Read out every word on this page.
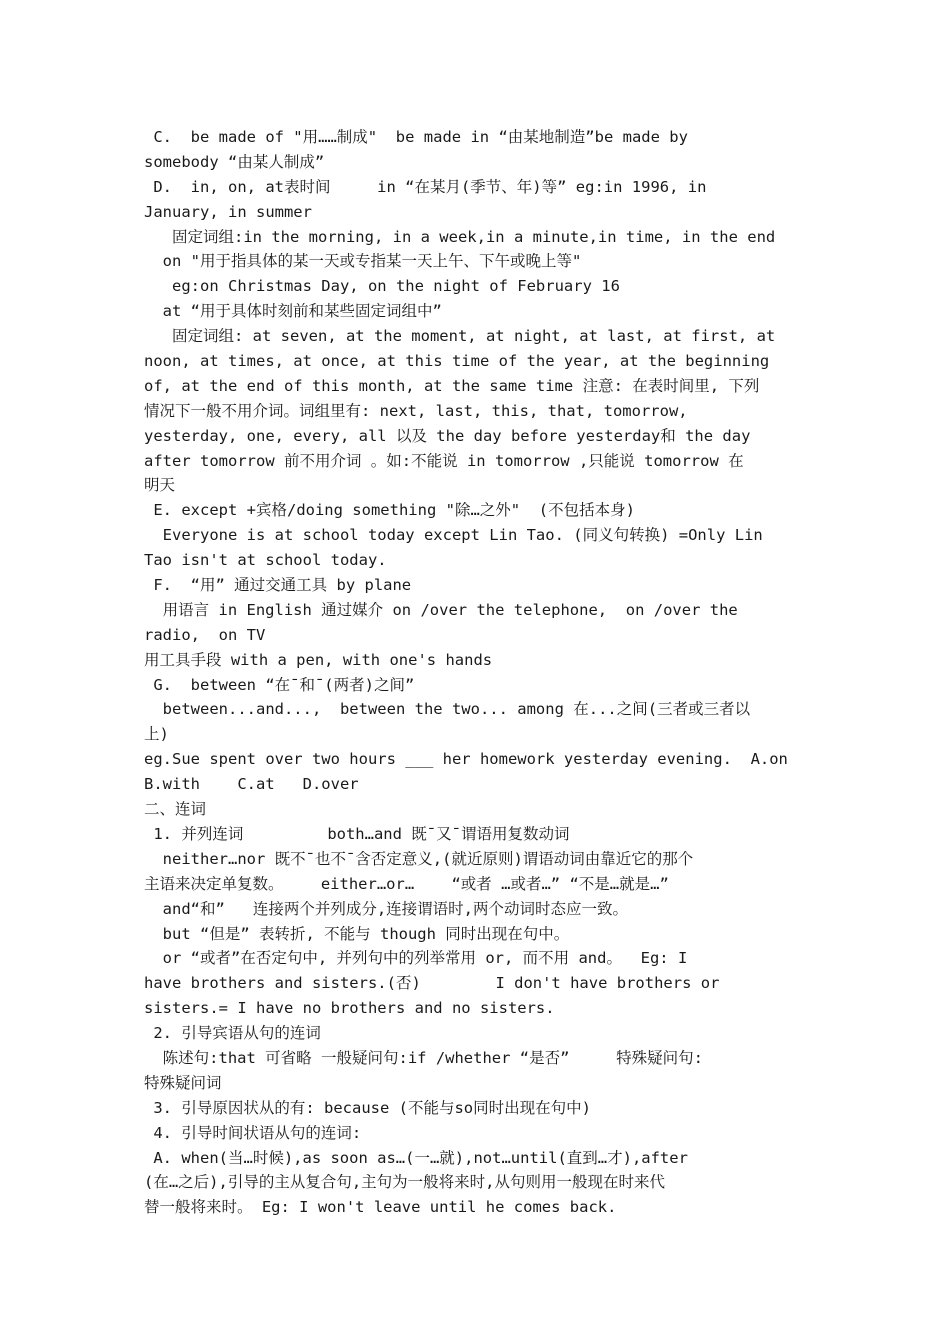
C.  be made of "用……制成"  be made in “由某地制造”be made by
somebody “由某人制成”
D.  in, on, at表时间     in “在某月(季节、年)等” eg:in 1996, in
January, in summer
固定词组:in the morning, in a week,in a minute,in time, in the end
on "用于指具体的某一天或专指某一天上午、下午或晚上等"
eg:on Christmas Day, on the night of February 16
at “用于具体时刻前和某些固定词组中”
固定词组: at seven, at the moment, at night, at last, at first, at
noon, at times, at once, at this time of the year, at the beginning
of, at the end of this month, at the same time 注意: 在表时间里, 下列
情况下一般不用介词。词组里有: next, last, this, that, tomorrow,
yesterday, one, every, all 以及 the day before yesterday和 the day
after tomorrow 前不用介词 。如:不能说 in tomorrow ,只能说 tomorrow 在
明天
E. except +宾格/doing something "除…之外"  (不包括本身)
Everyone is at school today except Lin Tao. (同义句转换) =Only Lin
Tao isn't at school today.
F.  “用” 通过交通工具 by plane
用语言 in English 通过媒介 on /over the telephone,  on /over the
radio,  on TV
用工具手段 with a pen, with one's hands
G.  between “在¯和¯(两者)之间”
between...and...,  between the two... among 在...之间(三者或三者以
上)
eg.Sue spent over two hours ___ her homework yesterday evening.  A.on
B.with    C.at   D.over
二、连词
1. 并列连词         both…and 既¯又¯谓语用复数动词
neither…nor 既不¯也不¯含否定意义,(就近原则)谓语动词由靠近它的那个
主语来决定单复数。    either…or…    “或者 …或者…” “不是…就是…”
and“和”   连接两个并列成分,连接谓语时,两个动词时态应一致。
but “但是” 表转折, 不能与 though 同时出现在句中。
or “或者”在否定句中, 并列句中的列举常用 or, 而不用 and。  Eg: I
have brothers and sisters.(否)        I don't have brothers or
sisters.= I have no brothers and no sisters.
2. 引导宾语从句的连词
陈述句:that 可省略 一般疑问句:if /whether “是否”     特殊疑问句:
特殊疑问词
3. 引导原因状从的有: because (不能与so同时出现在句中)
4. 引导时间状语从句的连词:
A. when(当…时候),as soon as…(一…就),not…until(直到…才),after
(在…之后),引导的主从复合句,主句为一般将来时,从句则用一般现在时来代
替一般将来时。 Eg: I won't leave until he comes back.
